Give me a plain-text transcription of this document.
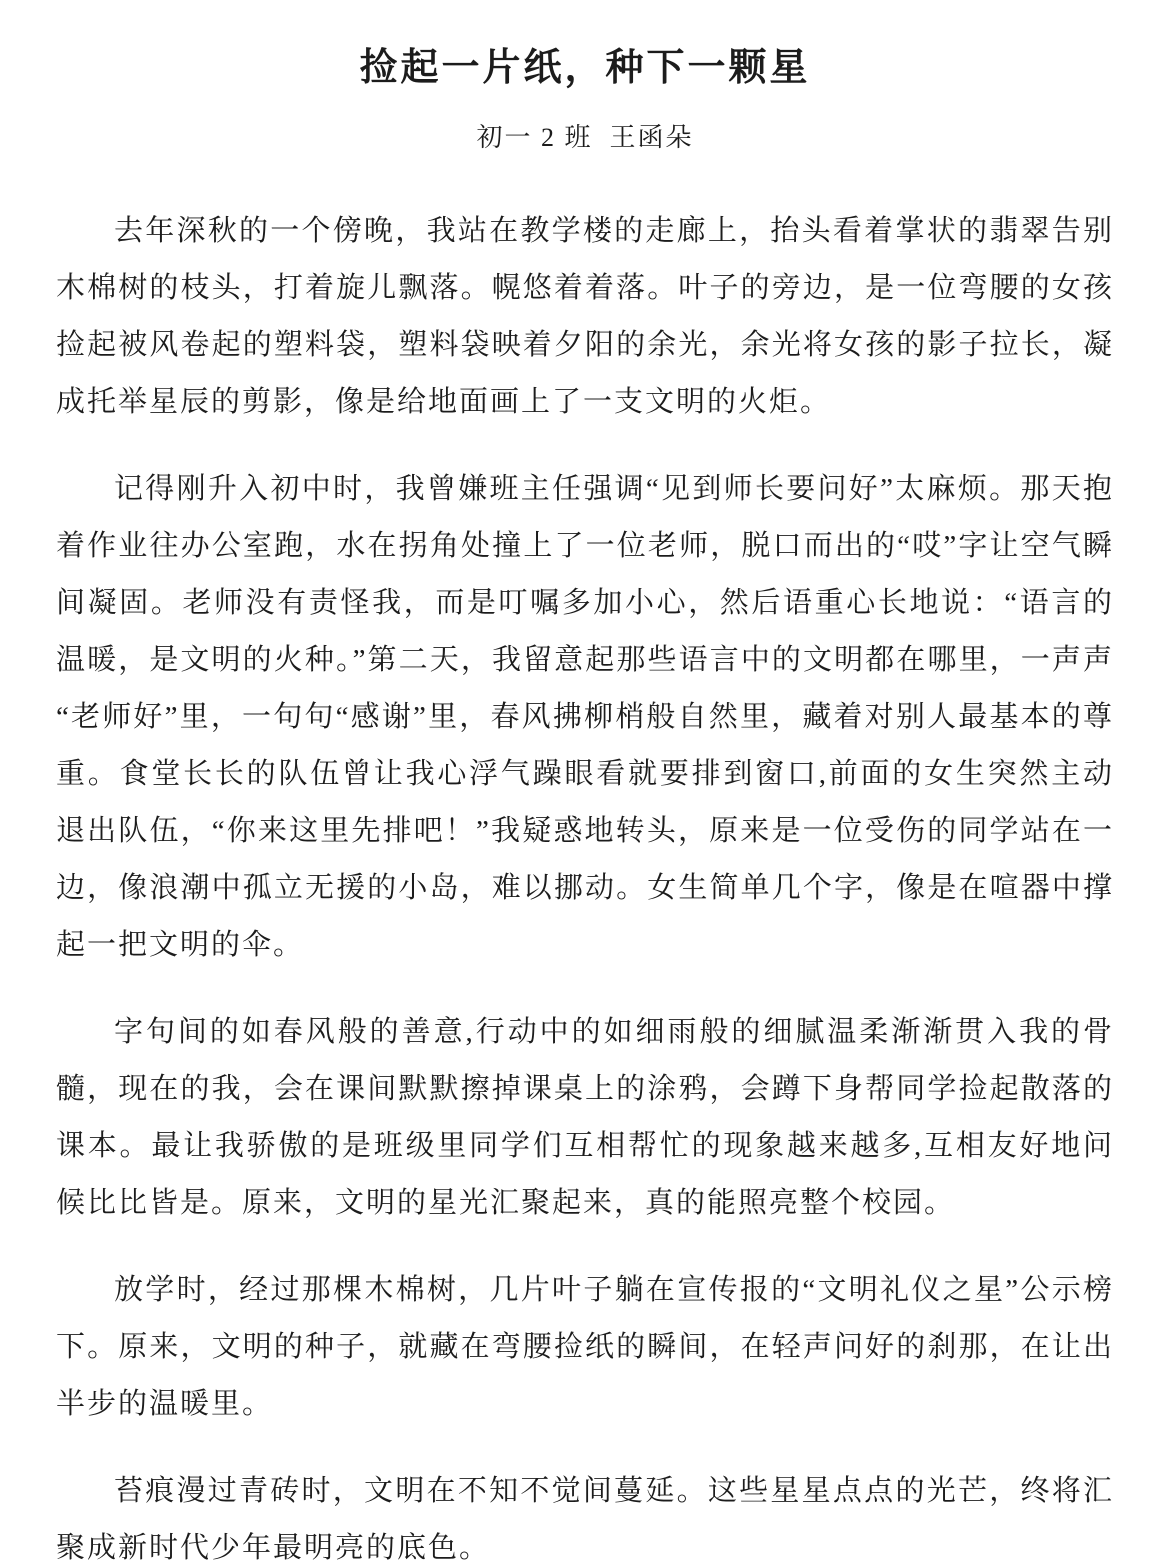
捡起一片纸，种下一颗星
初一 2 班  王函朵

去年深秋的一个傍晚，我站在教学楼的走廊上，抬头看着掌状的翡翠告别木棉树的枝头，打着旋儿飘落。幌悠着着落。叶子的旁边，是一位弯腰的女孩捡起被风卷起的塑料袋，塑料袋映着夕阳的余光，余光将女孩的影子拉长，凝成托举星辰的剪影，像是给地面画上了一支文明的火炬。

记得刚升入初中时，我曾嫌班主任强调“见到师长要问好”太麻烦。那天抱着作业往办公室跑，水在拐角处撞上了一位老师，脱口而出的“哎”字让空气瞬间凝固。老师没有责怪我，而是叮嘱多加小心，然后语重心长地说：“语言的温暖，是文明的火种。”第二天，我留意起那些语言中的文明都在哪里，一声声“老师好”里，一句句“感谢”里，春风拂柳梢般自然里，藏着对别人最基本的尊重。食堂长长的队伍曾让我心浮气躁眼看就要排到窗口,前面的女生突然主动退出队伍，“你来这里先排吧！”我疑惑地转头，原来是一位受伤的同学站在一边，像浪潮中孤立无援的小岛，难以挪动。女生简单几个字，像是在喧器中撑起一把文明的伞。

字句间的如春风般的善意,行动中的如细雨般的细腻温柔渐渐贯入我的骨髓，现在的我，会在课间默默擦掉课桌上的涂鸦，会蹲下身帮同学捡起散落的课本。最让我骄傲的是班级里同学们互相帮忙的现象越来越多,互相友好地问候比比皆是。原来，文明的星光汇聚起来，真的能照亮整个校园。

放学时，经过那棵木棉树，几片叶子躺在宣传报的“文明礼仪之星”公示榜下。原来，文明的种子，就藏在弯腰捡纸的瞬间，在轻声问好的刹那，在让出半步的温暖里。

苔痕漫过青砖时，文明在不知不觉间蔓延。这些星星点点的光芒，终将汇聚成新时代少年最明亮的底色。
